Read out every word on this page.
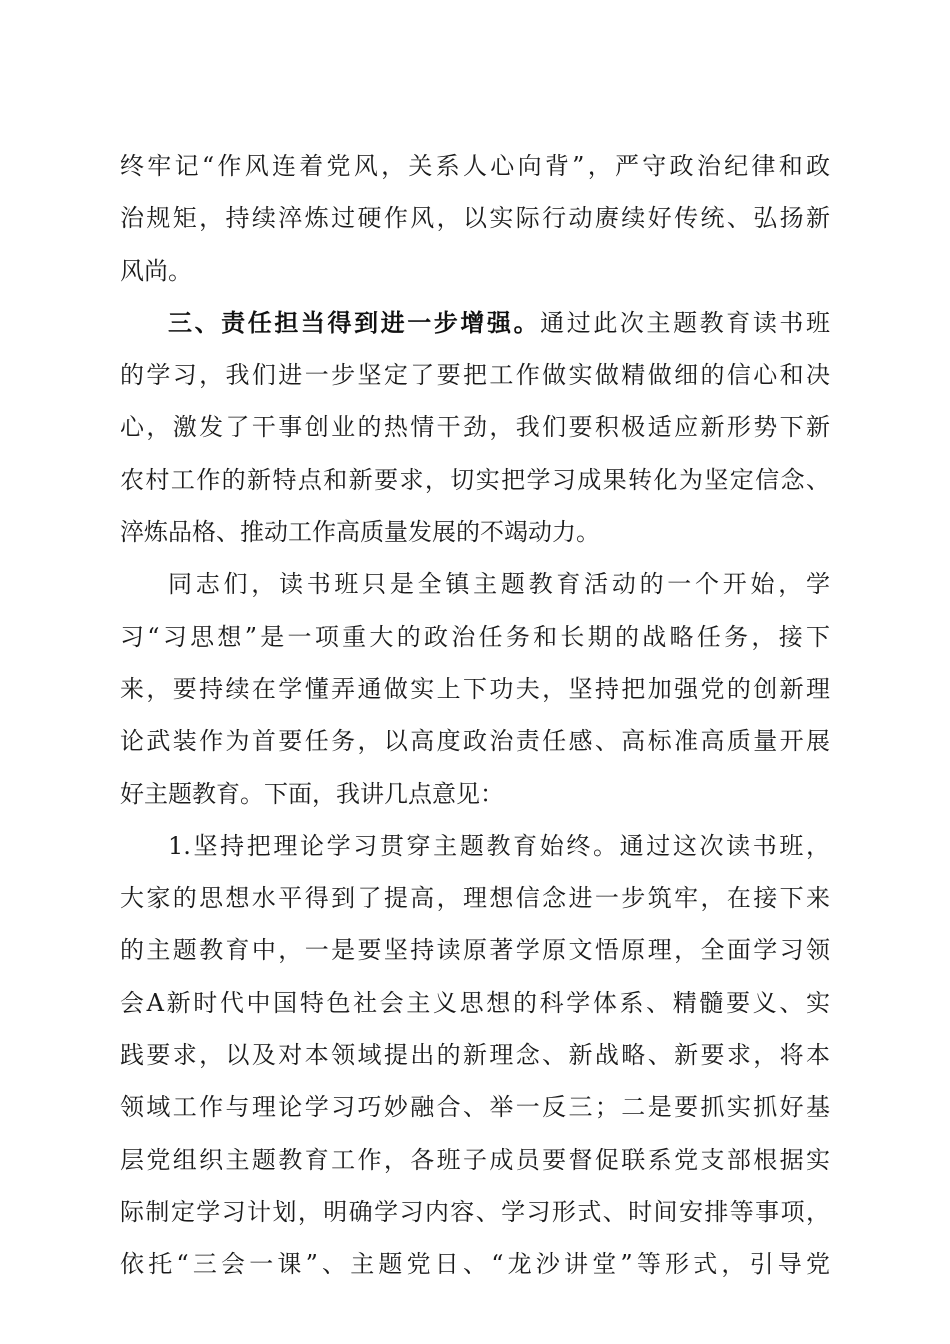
终牢记“作风连着党风，关系人心向背”，严守政治纪律和政
治规矩，持续淬炼过硬作风，以实际行动赓续好传统、弘扬新
风尚。
三、责任担当得到进一步增强。通过此次主题教育读书班
的学习，我们进一步坚定了要把工作做实做精做细的信心和决
心，激发了干事创业的热情干劲，我们要积极适应新形势下新
农村工作的新特点和新要求，切实把学习成果转化为坚定信念、
淬炼品格、推动工作高质量发展的不竭动力。
同志们，读书班只是全镇主题教育活动的一个开始，学
习“习思想”是一项重大的政治任务和长期的战略任务，接下
来，要持续在学懂弄通做实上下功夫，坚持把加强党的创新理
论武装作为首要任务，以高度政治责任感、高标准高质量开展
好主题教育。下面，我讲几点意见：
1.坚持把理论学习贯穿主题教育始终。通过这次读书班，
大家的思想水平得到了提高，理想信念进一步筑牢，在接下来
的主题教育中，一是要坚持读原著学原文悟原理，全面学习领
会A新时代中国特色社会主义思想的科学体系、精髓要义、实
践要求，以及对本领域提出的新理念、新战略、新要求，将本
领域工作与理论学习巧妙融合、举一反三；二是要抓实抓好基
层党组织主题教育工作，各班子成员要督促联系党支部根据实
际制定学习计划，明确学习内容、学习形式、时间安排等事项，
依托“三会一课”、主题党日、“龙沙讲堂”等形式，引导党
